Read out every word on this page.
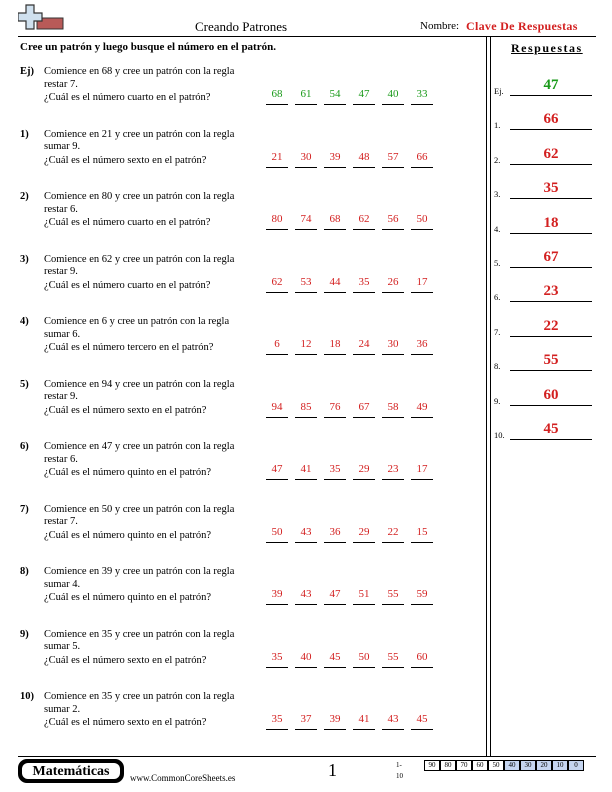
Creando Patrones	Nombre: Clave De Respuestas
Cree un patrón y luego busque el número en el patrón.	Respuestas
Ej) Comience en 68 y cree un patrón con la regla restar 7.
¿Cuál es el número cuarto en el patrón?	68	61	54	47	40	33
1) Comience en 21 y cree un patrón con la regla sumar 9.
¿Cuál es el número sexto en el patrón?	21	30	39	48	57	66
2) Comience en 80 y cree un patrón con la regla restar 6.
¿Cuál es el número cuarto en el patrón?	80	74	68	62	56	50
3) Comience en 62 y cree un patrón con la regla restar 9.
¿Cuál es el número cuarto en el patrón?	62	53	44	35	26	17
4) Comience en 6 y cree un patrón con la regla sumar 6.
¿Cuál es el número tercero en el patrón?	6	12	18	24	30	36
5) Comience en 94 y cree un patrón con la regla restar 9.
¿Cuál es el número sexto en el patrón?	94	85	76	67	58	49
6) Comience en 47 y cree un patrón con la regla restar 6.
¿Cuál es el número quinto en el patrón?	47	41	35	29	23	17
7) Comience en 50 y cree un patrón con la regla restar 7.
¿Cuál es el número quinto en el patrón?	50	43	36	29	22	15
8) Comience en 39 y cree un patrón con la regla sumar 4.
¿Cuál es el número quinto en el patrón?	39	43	47	51	55	59
9) Comience en 35 y cree un patrón con la regla sumar 5.
¿Cuál es el número sexto en el patrón?	35	40	45	50	55	60
10) Comience en 35 y cree un patrón con la regla sumar 2.
¿Cuál es el número sexto en el patrón?	35	37	39	41	43	45
Ej.	47
1.	66
2.	62
3.	35
4.	18
5.	67
6.	23
7.	22
8.	55
9.	60
10.	45
Matemáticas	www.CommonCoreSheets.es	1	1-10
90	80	70	60	50	40	30	20	10	0
